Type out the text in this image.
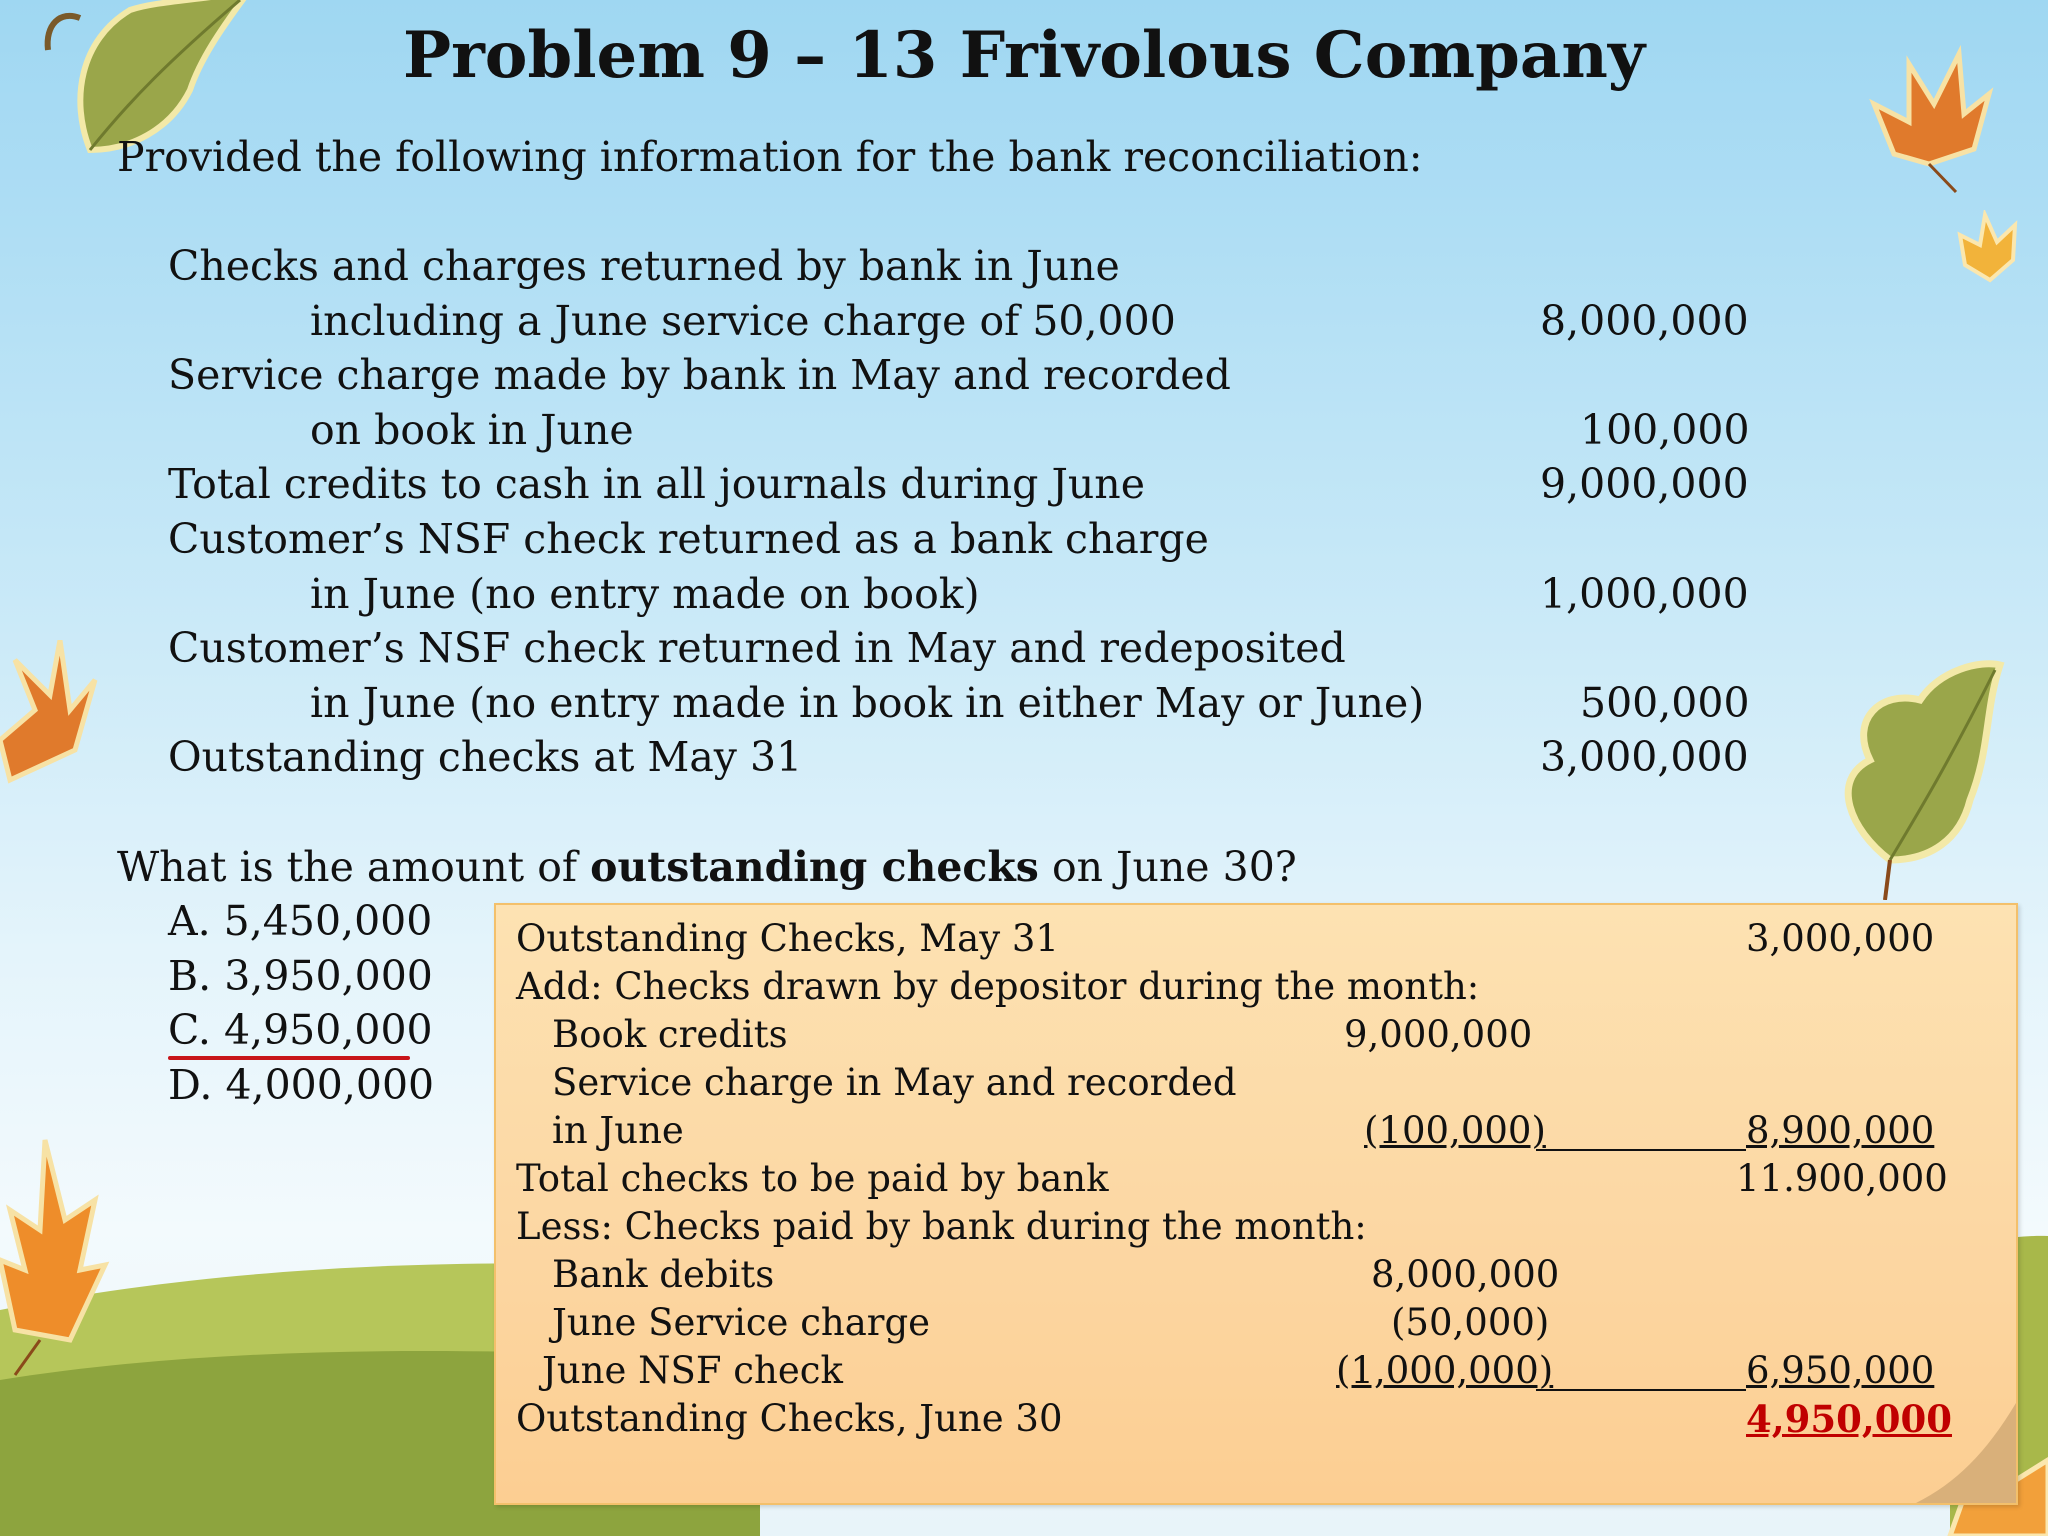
Problem 9 – 13 Frivolous Company
Provided the following information for the bank reconciliation:
Checks and charges returned by bank in June
including a June service charge of 50,000	8,000,000
Service charge made by bank in May and recorded
on book in June	100,000
Total credits to cash in all journals during June	9,000,000
Customer’s NSF check returned as a bank charge
in June (no entry made on book)	1,000,000
Customer’s NSF check returned in May and redeposited
in June (no entry made in book in either May or June)	500,000
Outstanding checks at May 31	3,000,000
What is the amount of outstanding checks on June 30?
A. 5,450,000
B. 3,950,000
C. 4,950,000
D. 4,000,000
Outstanding Checks, May 31	3,000,000
Add: Checks drawn by depositor during the month:
Book credits	9,000,000
Service charge in May and recorded
in June	(100,000)	8,900,000
Total checks to be paid by bank	11.900,000
Less: Checks paid by bank during the month:
Bank debits	8,000,000
June Service charge	(50,000)
June NSF check	(1,000,000)	6,950,000
Outstanding Checks, June 30	4,950,000
